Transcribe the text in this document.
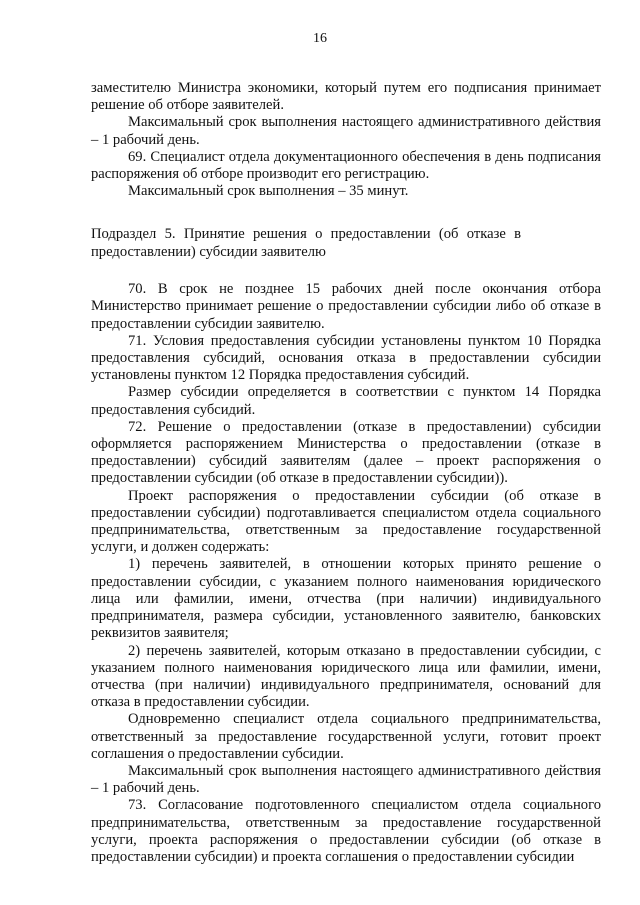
16

заместителю Министра экономики, который путем его подписания принимает решение об отборе заявителей.

Максимальный срок выполнения настоящего административного действия – 1 рабочий день.

69. Специалист отдела документационного обеспечения в день подписания распоряжения об отборе производит его регистрацию.

Максимальный срок выполнения – 35 минут.

Подраздел 5. Принятие решения о предоставлении (об отказе в предоставлении) субсидии заявителю

70. В срок не позднее 15 рабочих дней после окончания отбора Министерство принимает решение о предоставлении субсидии либо об отказе в предоставлении субсидии заявителю.

71. Условия предоставления субсидии установлены пунктом 10 Порядка предоставления субсидий, основания отказа в предоставлении субсидии установлены пунктом 12 Порядка предоставления субсидий.

Размер субсидии определяется в соответствии с пунктом 14 Порядка предоставления субсидий.

72. Решение о предоставлении (отказе в предоставлении) субсидии оформляется распоряжением Министерства о предоставлении (отказе в предоставлении) субсидий заявителям (далее – проект распоряжения о предоставлении субсидии (об отказе в предоставлении субсидии)).

Проект распоряжения о предоставлении субсидии (об отказе в предоставлении субсидии) подготавливается специалистом отдела социального предпринимательства, ответственным за предоставление государственной услуги, и должен содержать:

1) перечень заявителей, в отношении которых принято решение о предоставлении субсидии, с указанием полного наименования юридического лица или фамилии, имени, отчества (при наличии) индивидуального предпринимателя, размера субсидии, установленного заявителю, банковских реквизитов заявителя;

2) перечень заявителей, которым отказано в предоставлении субсидии, с указанием полного наименования юридического лица или фамилии, имени, отчества (при наличии) индивидуального предпринимателя, оснований для отказа в предоставлении субсидии.

Одновременно специалист отдела социального предпринимательства, ответственный за предоставление государственной услуги, готовит проект соглашения о предоставлении субсидии.

Максимальный срок выполнения настоящего административного действия – 1 рабочий день.

73. Согласование подготовленного специалистом отдела социального предпринимательства, ответственным за предоставление государственной услуги, проекта распоряжения о предоставлении субсидии (об отказе в предоставлении субсидии) и проекта соглашения о предоставлении субсидии
